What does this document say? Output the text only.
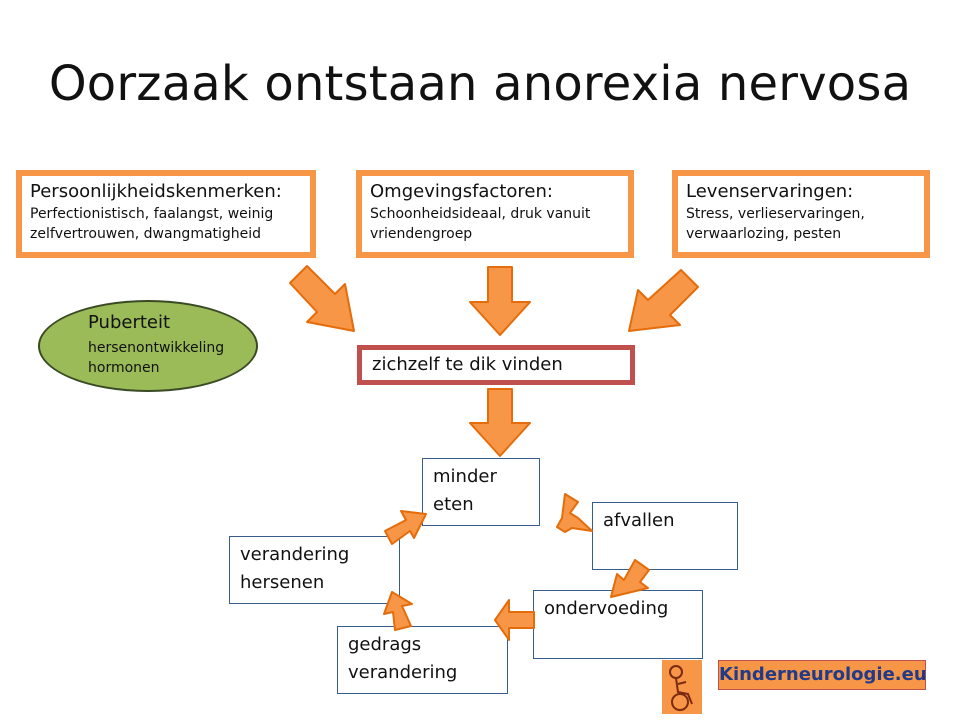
Oorzaak ontstaan anorexia nervosa
Persoonlijkheidskenmerken:
Perfectionistisch, faalangst, weinig
zelfvertrouwen, dwangmatigheid
Omgevingsfactoren:
Schoonheidsideaal, druk vanuit
vriendengroep
Levenservaringen:
Stress, verlieservaringen,
verwaarlozing, pesten
Puberteit
hersenontwikkeling
hormonen	zichzelf te dik vinden
minder eten
afvallen
ondervoeding
gedrags
verandering
verandering
hersenen
Kinderneurologie.eu
